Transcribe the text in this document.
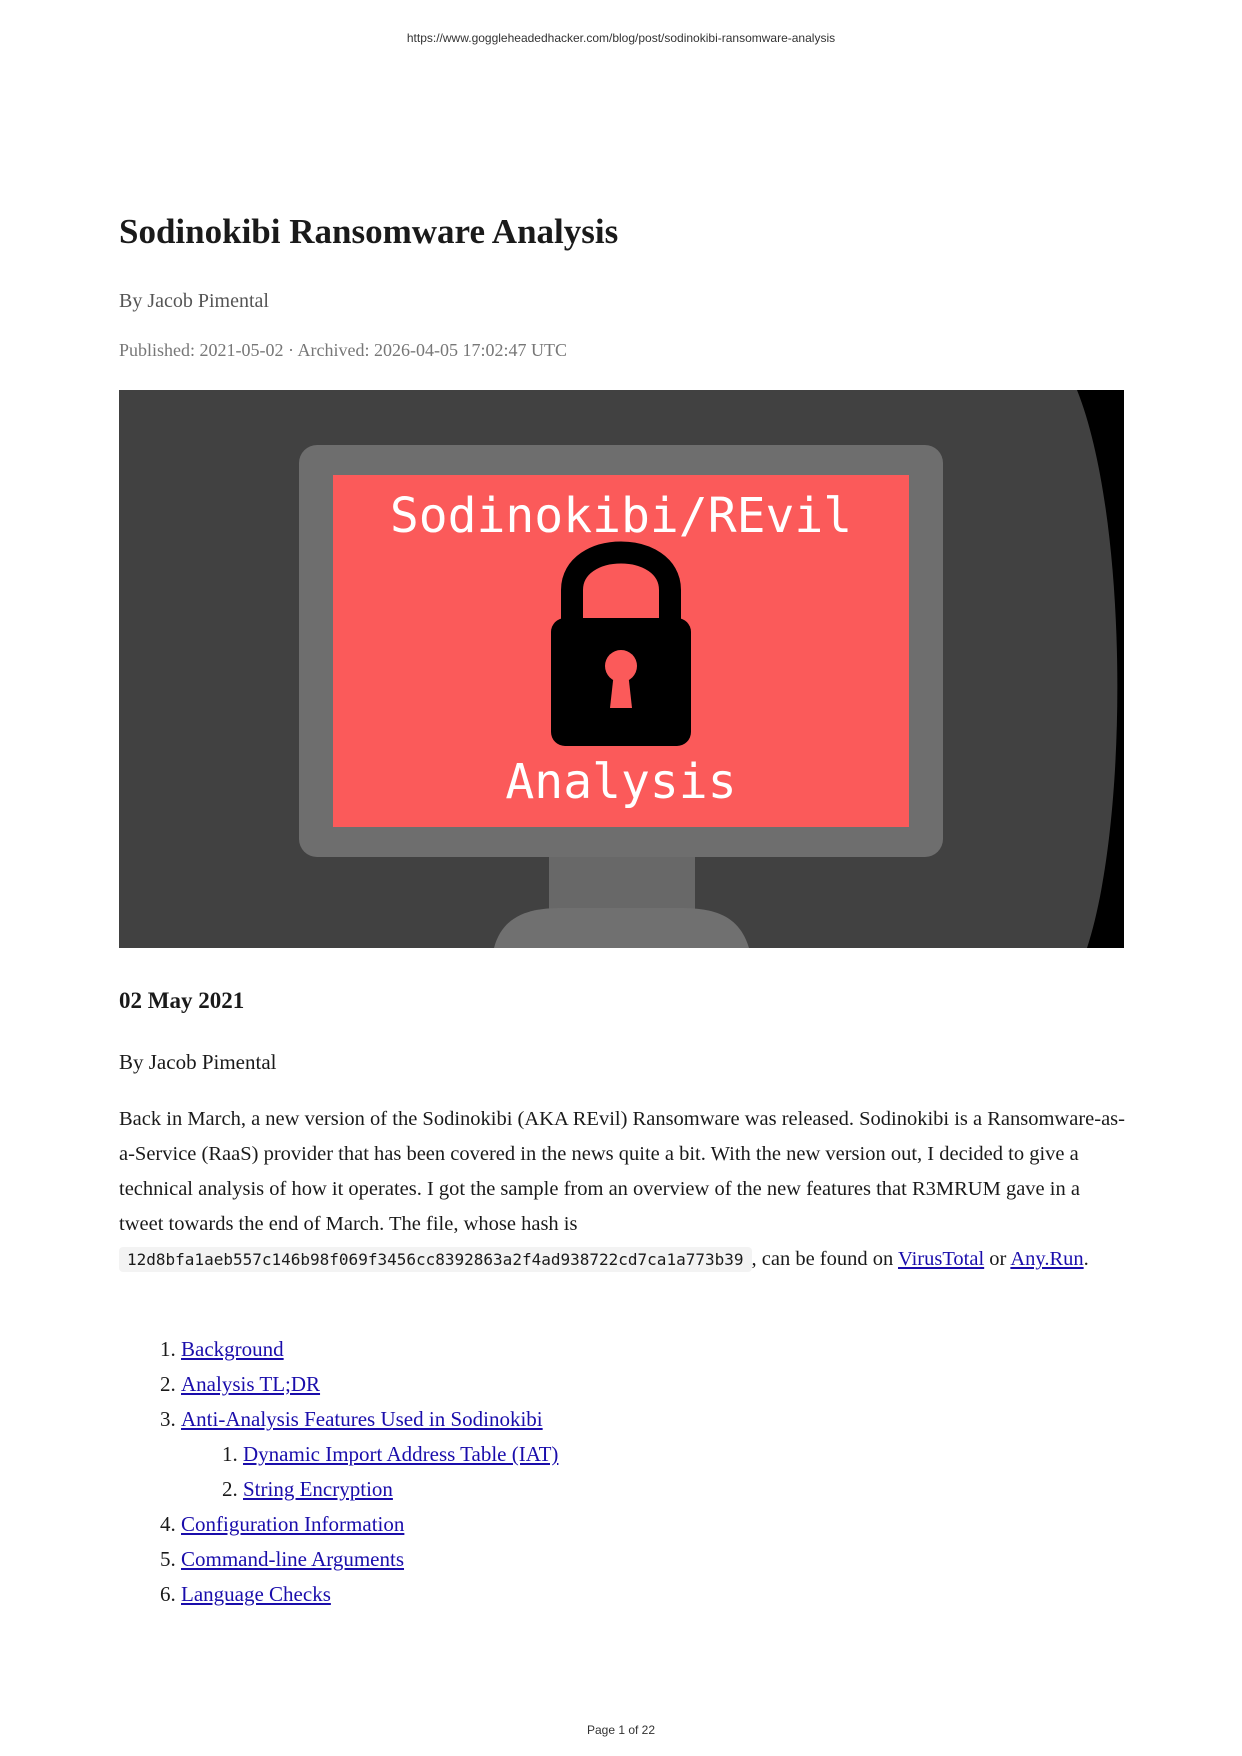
https://www.goggleheadedhacker.com/blog/post/sodinokibi-ransomware-analysis
Sodinokibi Ransomware Analysis
By Jacob Pimental
Published: 2021-05-02 · Archived: 2026-04-05 17:02:47 UTC
Sodinokibi/REvil
Analysis
02 May 2021
By Jacob Pimental

Back in March, a new version of the Sodinokibi (AKA REvil) Ransomware was released. Sodinokibi is a Ransomware-as-a-Service (RaaS) provider that has been covered in the news quite a bit. With the new version out, I decided to give a technical analysis of how it operates. I got the sample from an overview of the new features that R3MRUM gave in a tweet towards the end of March. The file, whose hash is 12d8bfa1aeb557c146b98f069f3456cc8392863a2f4ad938722cd7ca1a773b39 , can be found on VirusTotal or Any.Run.

1. Background
2. Analysis TL;DR
3. Anti-Analysis Features Used in Sodinokibi
1. Dynamic Import Address Table (IAT)
2. String Encryption
4. Configuration Information
5. Command-line Arguments
6. Language Checks
Page 1 of 22
